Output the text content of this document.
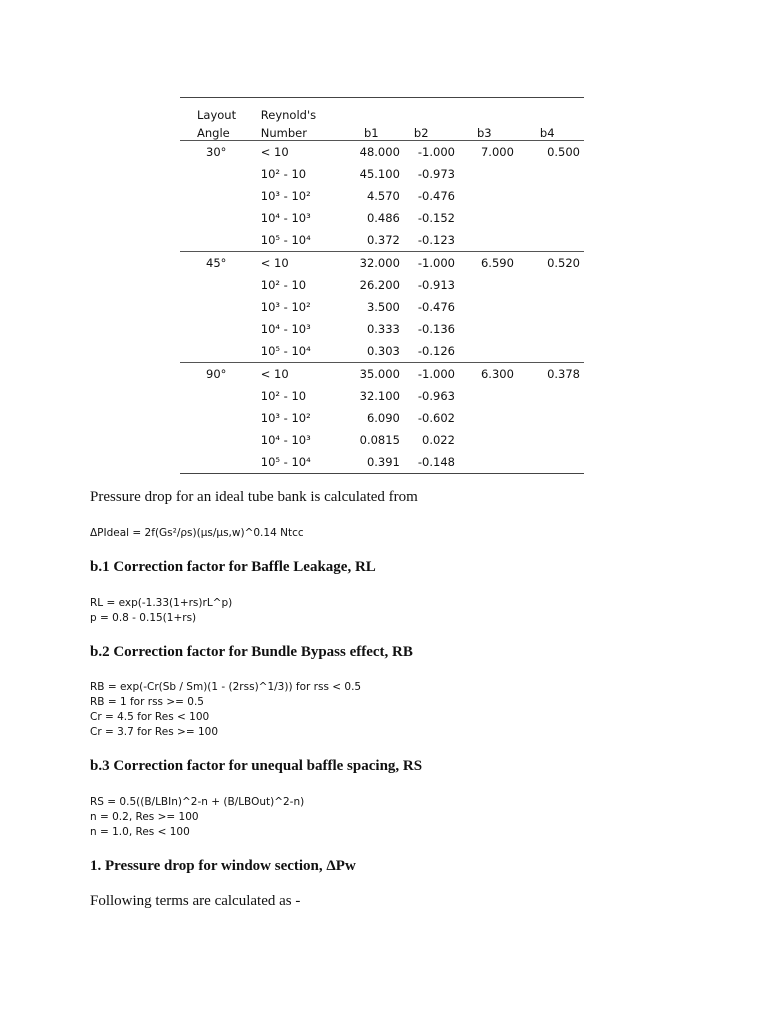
Layout	Reynold's				
Angle	Number	b1	b2	b3	b4
30°	< 10	48.000	-1.000	7.000	0.500
	10² - 10	45.100	-0.973		
	10³ - 10²	4.570	-0.476		
	10⁴ - 10³	0.486	-0.152		
	10⁵ - 10⁴	0.372	-0.123		
45°	< 10	32.000	-1.000	6.590	0.520
	10² - 10	26.200	-0.913		
	10³ - 10²	3.500	-0.476		
	10⁴ - 10³	0.333	-0.136		
	10⁵ - 10⁴	0.303	-0.126		
90°	< 10	35.000	-1.000	6.300	0.378
	10² - 10	32.100	-0.963		
	10³ - 10²	6.090	-0.602		
	10⁴ - 10³	0.0815	0.022		
	10⁵ - 10⁴	0.391	-0.148		

Pressure drop for an ideal tube bank is calculated from

ΔPIdeal = 2f(Gs²/ρs)(μs/μs,w)^0.14 Ntcc
b.1 Correction factor for Baffle Leakage, RL
RL = exp(-1.33(1+rs)rL^p)
p = 0.8 - 0.15(1+rs)
b.2 Correction factor for Bundle Bypass effect, RB
RB = exp(-Cr(Sb / Sm)(1 - (2rss)^1/3)) for rss < 0.5
RB = 1 for rss >= 0.5
Cr = 4.5 for Res < 100
Cr = 3.7 for Res >= 100
b.3 Correction factor for unequal baffle spacing, RS
RS = 0.5((B/LBIn)^2-n + (B/LBOut)^2-n)
n = 0.2, Res >= 100
n = 1.0, Res < 100
1. Pressure drop for window section, ΔPw

Following terms are calculated as -
